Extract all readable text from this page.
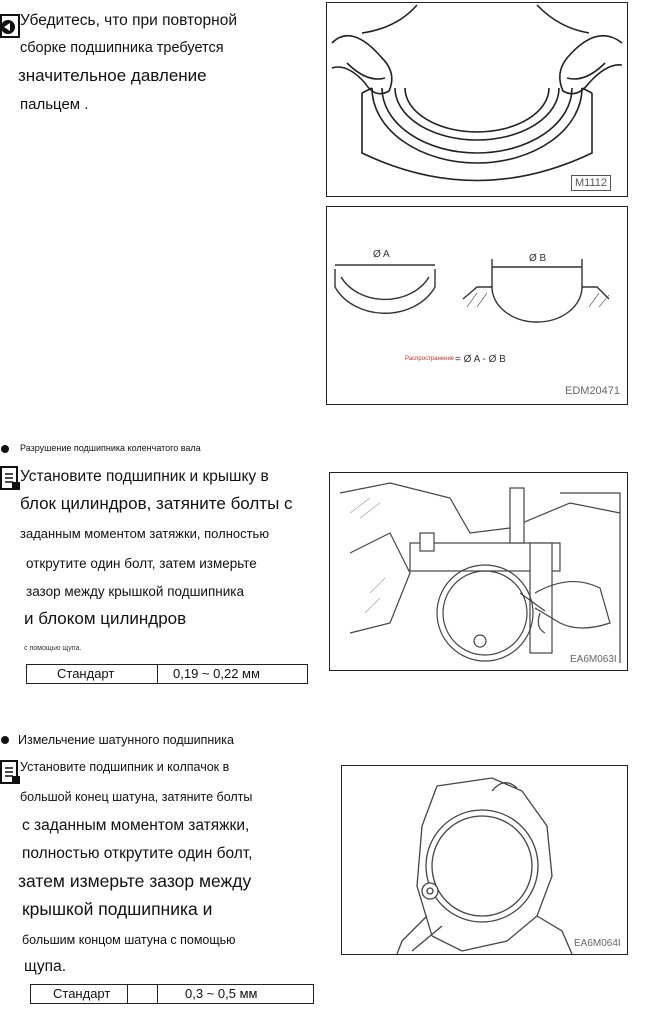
Убедитесь, что при повторной
сборке подшипника требуется
значительное давление
пальцем .
M1112
Ø A	Ø B
Распространение = Ø A - Ø B
EDM20471
Разрушение подшипника коленчатого вала
Установите подшипник и крышку в
блок цилиндров, затяните болты с
заданным моментом затяжки, полностью
открутите один болт, затем измерьте
зазор между крышкой подшипника
и блоком цилиндров
с помощью щупа.
Стандарт	0,19 ~ 0,22 мм
EA6M063I
Измельчение шатунного подшипника
Установите подшипник и колпачок в
большой конец шатуна, затяните болты
с заданным моментом затяжки,
полностью открутите один болт,
затем измерьте зазор между
крышкой подшипника и
большим концом шатуна с помощью
щупа.
Стандарт	0,3 ~ 0,5 мм
EA6M064I
